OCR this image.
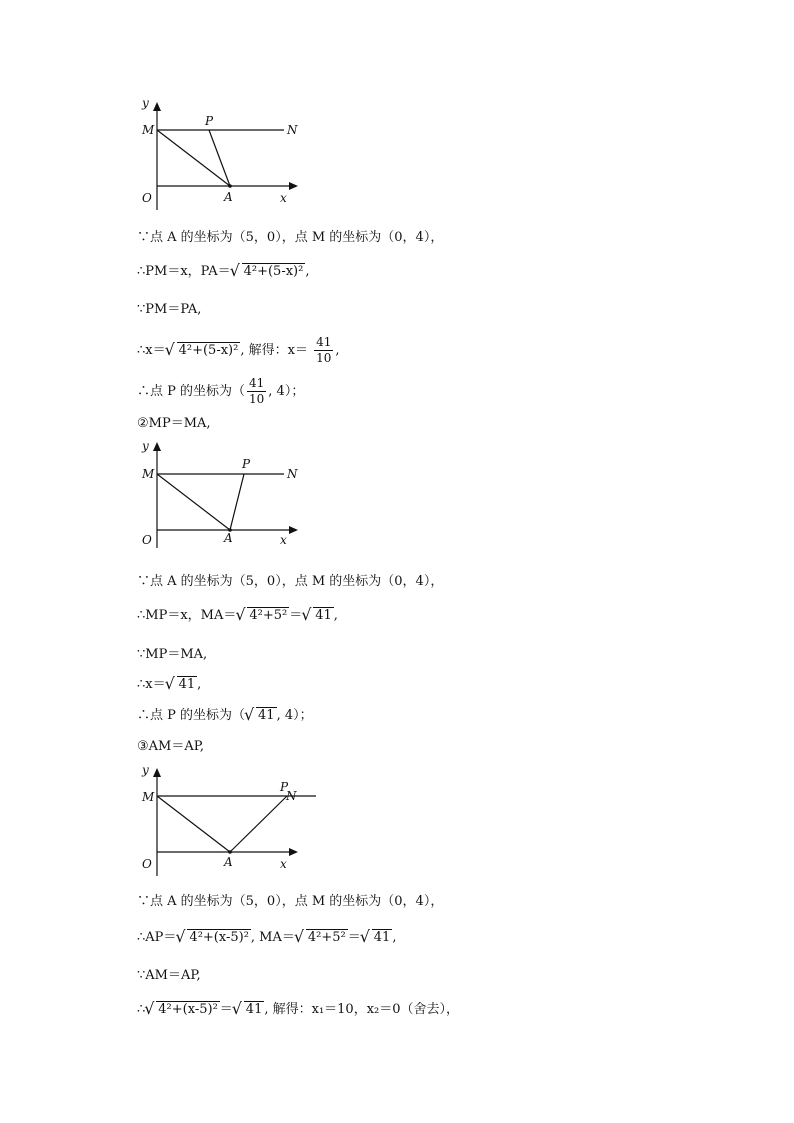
y
x
M	N
O	A
P
∵点 A 的坐标为（5，0），点 M 的坐标为（0，4），
∴PM＝x，PA＝ √ 4²+(5-x)² ,
∵PM＝PA,
∴x＝ √ 4²+(5-x)² , 解得：$x= \frac{41}{10}$ ,
∴点 P 的坐标为（ $\frac{41}{10}$ , 4）；
②MP＝MA,
y
x
M	N
O	A
P
∵点 A 的坐标为（5，0），点 M 的坐标为（0，4），
∴MP＝x，MA＝ √ 4²+5² ＝ √ 41 ,
∵MP＝MA,
∴x＝ √ 41 ,
∴点 P 的坐标为（ √ 41 , 4）；
③AM＝AP,
y
x
M	N
O	A
P
∵点 A 的坐标为（5，0），点 M 的坐标为（0，4），
∴AP＝ √ 4²+(x-5)² , MA＝ √ 4²+5² ＝ √ 41 ,
∵AM＝AP,
∴ √ 4²+(x-5)² ＝ √ 41 , 解得：x₁＝10，x₂＝0（舍去），
